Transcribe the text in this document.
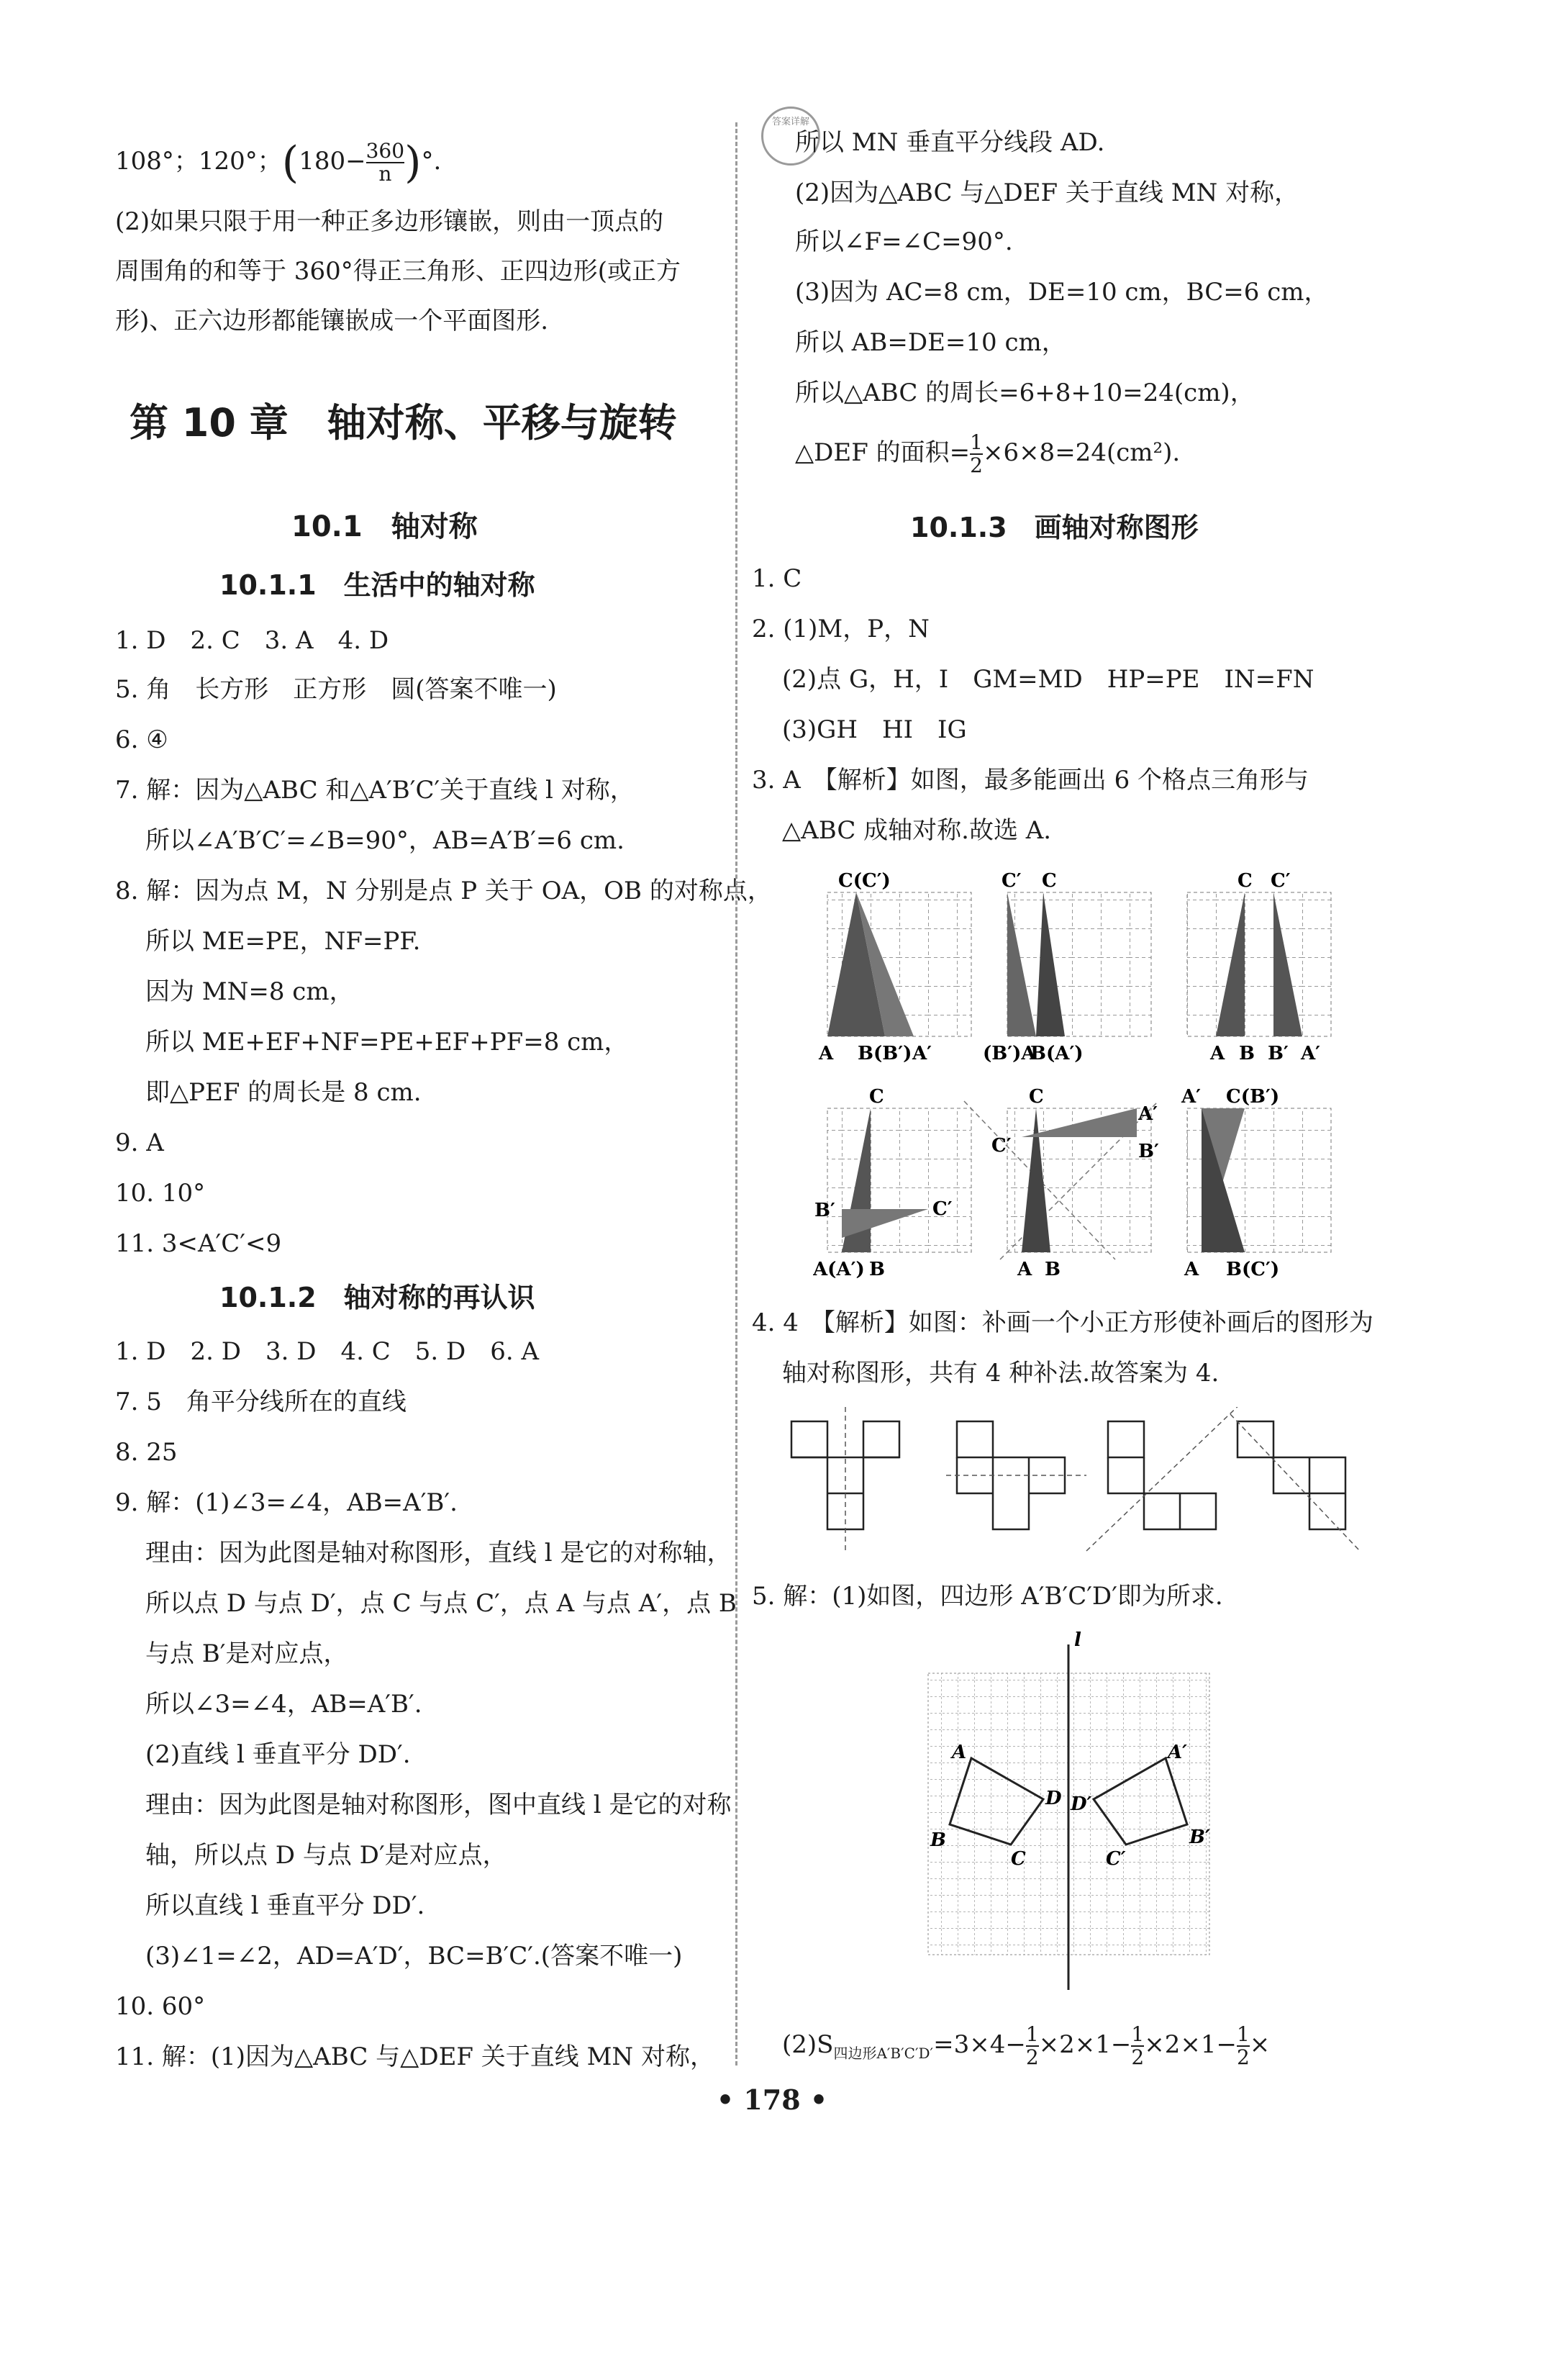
108°；120°；($180- \frac{360}{n}$ )°.
(2)如果只限于用一种正多边形镶嵌，则由一顶点的
周围角的和等于 360°得正三角形、正四边形(或正方
形)、正六边形都能镶嵌成一个平面图形.
第 10 章　轴对称、平移与旋转
10.1　轴对称
10.1.1　生活中的轴对称
1. D　2. C　3. A　4. D
5. 角　长方形　正方形　圆(答案不唯一)
6. ④
7. 解：因为△ABC 和△A′B′C′关于直线 l 对称，
所以∠A′B′C′=∠B=90°，AB=A′B′=6 cm.
8. 解：因为点 M，N 分别是点 P 关于 OA，OB 的对称点，
所以 ME=PE，NF=PF.
因为 MN=8 cm，
所以 ME+EF+NF=PE+EF+PF=8 cm，
即△PEF 的周长是 8 cm.
9. A
10. 10°
11. 3<A′C′<9
10.1.2　轴对称的再认识
1. D　2. D　3. D　4. C　5. D　6. A
7. 5　角平分线所在的直线
8. 25
9. 解：(1)∠3=∠4，AB=A′B′.
理由：因为此图是轴对称图形，直线 l 是它的对称轴，
所以点 D 与点 D′，点 C 与点 C′，点 A 与点 A′，点 B
与点 B′是对应点，
所以∠3=∠4，AB=A′B′.
(2)直线 l 垂直平分 DD′.
理由：因为此图是轴对称图形，图中直线 l 是它的对称
轴，所以点 D 与点 D′是对应点，
所以直线 l 垂直平分 DD′.
(3)∠1=∠2，AD=A′D′，BC=B′C′.(答案不唯一)
10. 60°
11. 解：(1)因为△ABC 与△DEF 关于直线 MN 对称，
答案详解
所以 MN 垂直平分线段 AD.
(2)因为△ABC 与△DEF 关于直线 MN 对称，
所以∠F=∠C=90°.
(3)因为 AC=8 cm，DE=10 cm，BC=6 cm，
所以 AB=DE=10 cm，
所以△ABC 的周长=6+8+10=24(cm)，
△DEF 的面积= $\frac{1}{2} \times 6\times 8=24(cm^2)$.
10.1.3　画轴对称图形
1. C
2. (1)M，P，N
(2)点 G，H，I　GM=MD　HP=PE　IN=FN
(3)GH　HI　IG
3. A　【解析】如图，最多能画出 6 个格点三角形与
△ABC 成轴对称.故选 A.
4. 4　【解析】如图：补画一个小正方形使补画后的图形为
轴对称图形，共有 4 种补法.故答案为 4.
5. 解：(1)如图，四边形 A′B′C′D′即为所求.
$(2)S_{四边形A'B'C'D'}=3\times 4- \frac{1}{2} \times 2\times 1- \frac{1}{2} \times 2\times 1- \frac{1}{2}$ ×
A B(B′) A′
C(C′)
(B′)A
B(A′)
C′ C
A B B′ A′
C C′
A(A′) B
B′
C
C′
A B
C
C′	B′
A′
A′ C(B′)
A B(C′)
l
A
B
C
D
A′
B′
C′
D′
• 178 •
